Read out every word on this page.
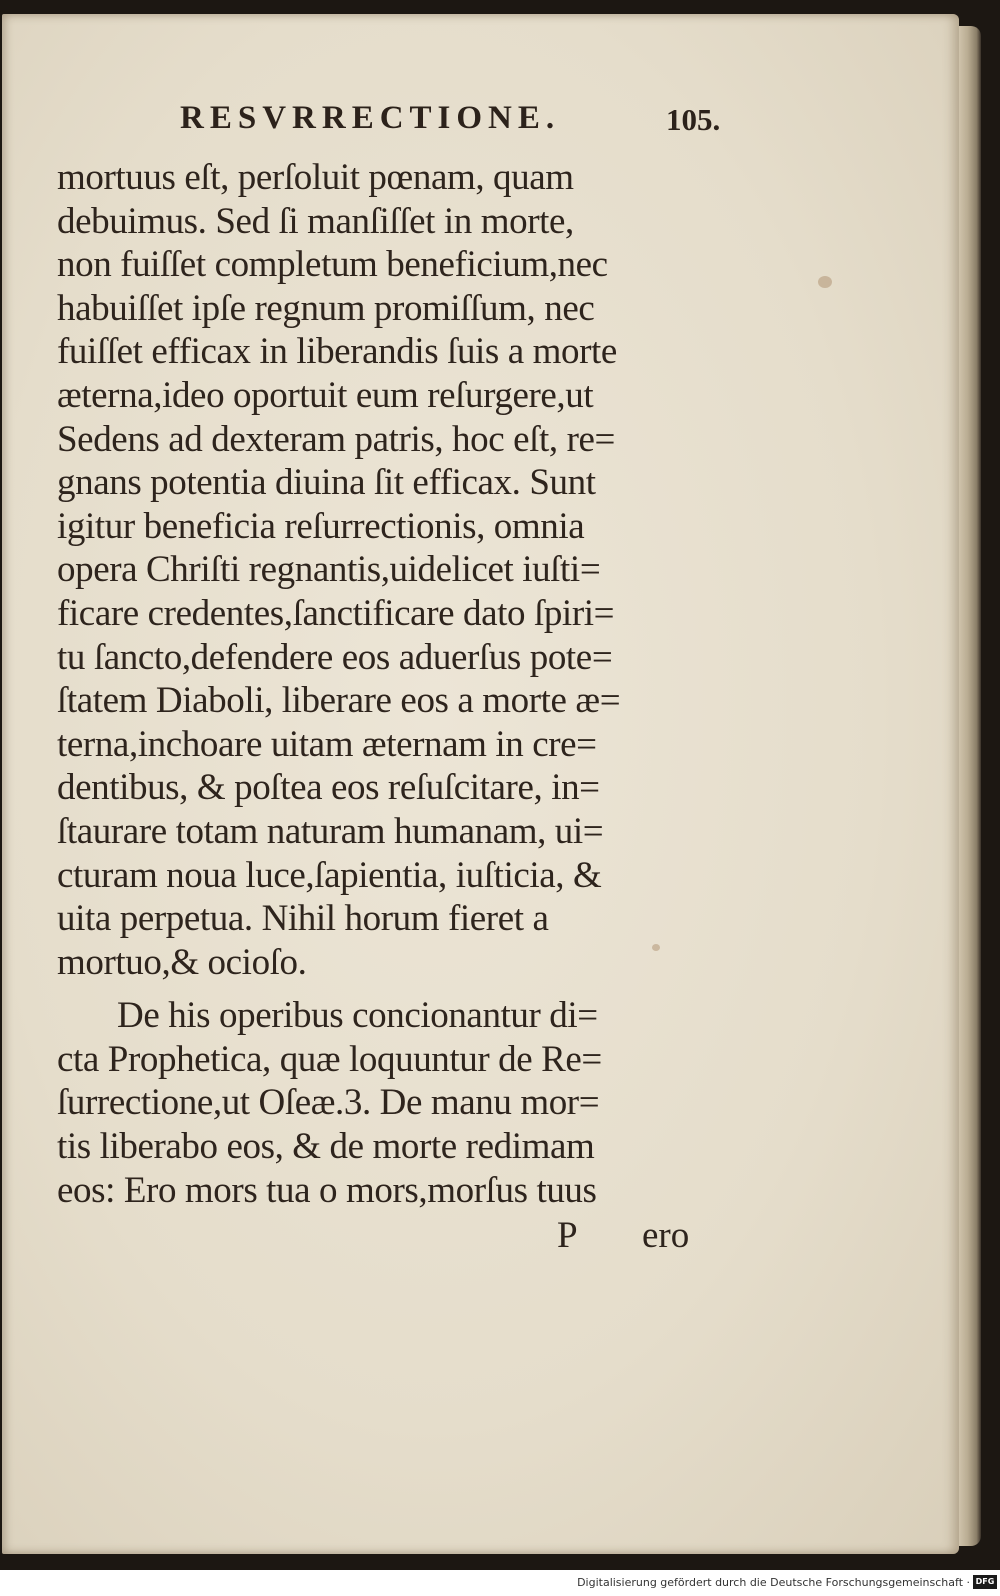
RESVRRECTIONE.	105.
mortuus eſt, perſoluit pœnam, quam
debuimus. Sed ſi manſiſſet in morte,
non fuiſſet completum beneficium,nec
habuiſſet ipſe regnum promiſſum, nec
fuiſſet efficax in liberandis ſuis a morte
æterna,ideo oportuit eum reſurgere,ut
Sedens ad dexteram patris, hoc eſt, re=
gnans potentia diuina ſit efficax. Sunt
igitur beneficia reſurrectionis, omnia
opera Chriſti regnantis,uidelicet iuſti=
ficare credentes,ſanctificare dato ſpiri=
tu ſancto,defendere eos aduerſus pote=
ſtatem Diaboli, liberare eos a morte æ=
terna,inchoare uitam æternam in cre=
dentibus, & poſtea eos reſuſcitare, in=
ſtaurare totam naturam humanam, ui=
cturam noua luce,ſapientia, iuſticia, &
uita perpetua. Nihil horum fieret a
mortuo,& ocioſo.
De his operibus concionantur di=
cta Prophetica, quæ loquuntur de Re=
ſurrectione,ut Oſeæ.3. De manu mor=
tis liberabo eos, & de morte redimam
eos: Ero mors tua o mors,morſus tuus
P ero
Digitalisierung gefördert durch die Deutsche Forschungsgemeinschaft · DFG
